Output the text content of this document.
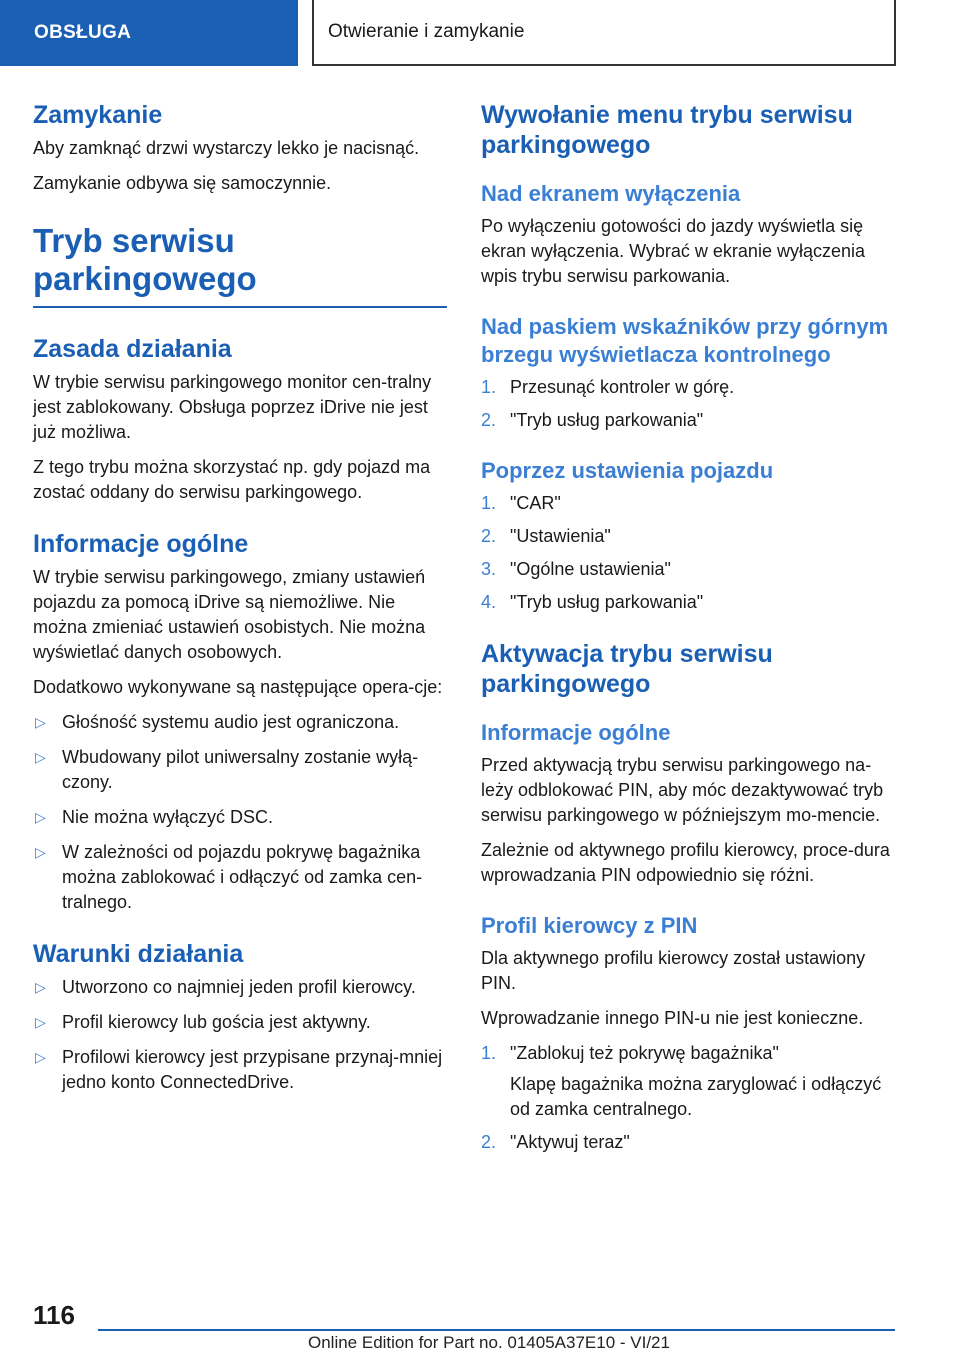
OBSŁUGA	Otwieranie i zamykanie
Zamykanie

Aby zamknąć drzwi wystarczy lekko je nacisnąć.

Zamykanie odbywa się samoczynnie.

Tryb serwisu
parkingowego
Zasada działania

W trybie serwisu parkingowego monitor cen‐tralny jest zablokowany. Obsługa poprzez iDrive nie jest już możliwa.

Z tego trybu można skorzystać np. gdy pojazd ma zostać oddany do serwisu parkingowego.

Informacje ogólne

W trybie serwisu parkingowego, zmiany ustawień pojazdu za pomocą iDrive są niemożliwe. Nie można zmieniać ustawień osobistych. Nie można wyświetlać danych osobowych.

Dodatkowo wykonywane są następujące opera‐cje:

▷ Głośność systemu audio jest ograniczona.
▷ Wbudowany pilot uniwersalny zostanie wyłą‐czony.
▷ Nie można wyłączyć DSC.
▷ W zależności od pojazdu pokrywę bagażnika można zablokować i odłączyć od zamka cen‐tralnego.
Warunki działania
▷ Utworzono co najmniej jeden profil kierowcy.
▷ Profil kierowcy lub gościa jest aktywny.
▷ Profilowi kierowcy jest przypisane przynaj‐mniej jedno konto ConnectedDrive.
Wywołanie menu trybu serwisu parkingowego
Nad ekranem wyłączenia

Po wyłączeniu gotowości do jazdy wyświetla się ekran wyłączenia. Wybrać w ekranie wyłączenia wpis trybu serwisu parkowania.

Nad paskiem wskaźników przy górnym brzegu wyświetlacza kontrolnego
1. Przesunąć kontroler w górę.
2. "Tryb usług parkowania"
Poprzez ustawienia pojazdu
1. "CAR"
2. "Ustawienia"
3. "Ogólne ustawienia"
4. "Tryb usług parkowania"
Aktywacja trybu serwisu parkingowego
Informacje ogólne

Przed aktywacją trybu serwisu parkingowego na‐leży odblokować PIN, aby móc dezaktywować tryb serwisu parkingowego w późniejszym mo‐mencie.

Zależnie od aktywnego profilu kierowcy, proce‐dura wprowadzania PIN odpowiednio się różni.

Profil kierowcy z PIN

Dla aktywnego profilu kierowcy został ustawiony PIN.

Wprowadzanie innego PIN-u nie jest konieczne.

1. "Zablokuj też pokrywę bagażnika"
Klapę bagażnika można zaryglować i odłączyć od zamka centralnego.
2. "Aktywuj teraz"
116
Online Edition for Part no. 01405A37E10 - VI/21
